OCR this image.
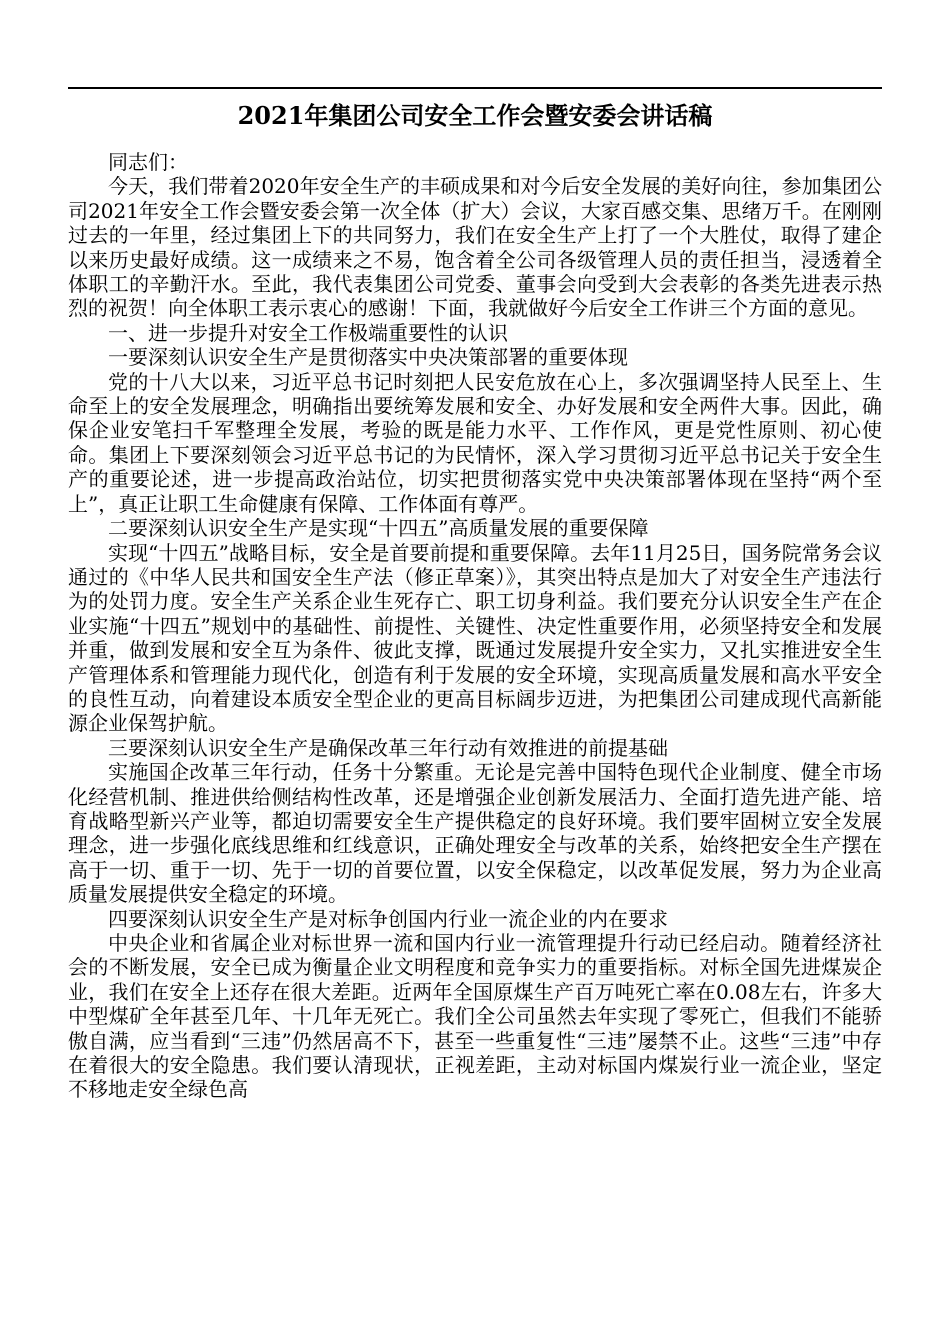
2021年集团公司安全工作会暨安委会讲话稿

同志们：

今天，我们带着2020年安全生产的丰硕成果和对今后安全发展的美好向往，参加集团公司2021年安全工作会暨安委会第一次全体（扩大）会议，大家百感交集、思绪万千。在刚刚过去的一年里，经过集团上下的共同努力，我们在安全生产上打了一个大胜仗，取得了建企以来历史最好成绩。这一成绩来之不易，饱含着全公司各级管理人员的责任担当，浸透着全体职工的辛勤汗水。至此，我代表集团公司党委、董事会向受到大会表彰的各类先进表示热烈的祝贺！向全体职工表示衷心的感谢！下面，我就做好今后安全工作讲三个方面的意见。

一、进一步提升对安全工作极端重要性的认识

一要深刻认识安全生产是贯彻落实中央决策部署的重要体现

党的十八大以来，习近平总书记时刻把人民安危放在心上，多次强调坚持人民至上、生命至上的安全发展理念，明确指出要统筹发展和安全、办好发展和安全两件大事。因此，确保企业安笔扫千军整理全发展，考验的既是能力水平、工作作风，更是党性原则、初心使命。集团上下要深刻领会习近平总书记的为民情怀，深入学习贯彻习近平总书记关于安全生产的重要论述，进一步提高政治站位，切实把贯彻落实党中央决策部署体现在坚持“两个至上”，真正让职工生命健康有保障、工作体面有尊严。

二要深刻认识安全生产是实现“十四五”高质量发展的重要保障

实现“十四五”战略目标，安全是首要前提和重要保障。去年11月25日，国务院常务会议通过的《中华人民共和国安全生产法（修正草案）》，其突出特点是加大了对安全生产违法行为的处罚力度。安全生产关系企业生死存亡、职工切身利益。我们要充分认识安全生产在企业实施“十四五”规划中的基础性、前提性、关键性、决定性重要作用，必须坚持安全和发展并重，做到发展和安全互为条件、彼此支撑，既通过发展提升安全实力，又扎实推进安全生产管理体系和管理能力现代化，创造有利于发展的安全环境，实现高质量发展和高水平安全的良性互动，向着建设本质安全型企业的更高目标阔步迈进，为把集团公司建成现代高新能源企业保驾护航。

三要深刻认识安全生产是确保改革三年行动有效推进的前提基础

实施国企改革三年行动，任务十分繁重。无论是完善中国特色现代企业制度、健全市场化经营机制、推进供给侧结构性改革，还是增强企业创新发展活力、全面打造先进产能、培育战略型新兴产业等，都迫切需要安全生产提供稳定的良好环境。我们要牢固树立安全发展理念，进一步强化底线思维和红线意识，正确处理安全与改革的关系，始终把安全生产摆在高于一切、重于一切、先于一切的首要位置，以安全保稳定，以改革促发展，努力为企业高质量发展提供安全稳定的环境。

四要深刻认识安全生产是对标争创国内行业一流企业的内在要求

中央企业和省属企业对标世界一流和国内行业一流管理提升行动已经启动。随着经济社会的不断发展，安全已成为衡量企业文明程度和竞争实力的重要指标。对标全国先进煤炭企业，我们在安全上还存在很大差距。近两年全国原煤生产百万吨死亡率在0.08左右，许多大中型煤矿全年甚至几年、十几年无死亡。我们全公司虽然去年实现了零死亡，但我们不能骄傲自满，应当看到“三违”仍然居高不下，甚至一些重复性“三违”屡禁不止。这些“三违”中存在着很大的安全隐患。我们要认清现状，正视差距，主动对标国内煤炭行业一流企业，坚定不移地走安全绿色高
